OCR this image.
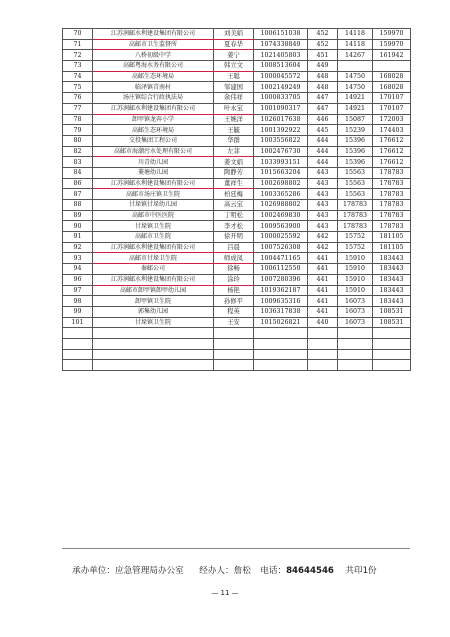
70	江苏润邮水利建设集团有限公司	刘美娟	1006151038	452	14118	159970
71	高邮市卫生监督所	夏春华	1074338849	452	14118	159970
72	八桥初级中学	姜宁	1021405803	451	14267	161942
73	高邮粤海水务有限公司	韩立文	1008513604	449		
74	高邮生态环境局	王聪	1000045572	448	14750	168028
75	临泽镇青南村	邹建国	1002149249	448	14750	168028
76	汤庄镇综合行政执法局	余伟祥	1000833705	447	14921	170107
77	江苏润邮水利建设集团有限公司	叶永宝	1001090317	447	14921	170107
78	卸甲镇龙奔小学	王婉洋	1026017638	446	15087	172003
79	高邮生态环境局	王毓	1001392922	445	15239	174403
80	交投集团工程公司	华群	1003556822	444	15396	176612
82	高邮市海潮污水处理有限公司	左菲	1002476730	444	15396	176612
83	川青幼儿园	姜文娟	1033993151	444	15396	176612
84	菱塘幼儿园	陶静芳	1015663204	443	15563	178783
86	江苏润邮水利建设集团有限公司	董祥生	1002698802	443	15563	178783
87	高邮市汤庄镇卫生院	柏廷梅	1003365286	443	15563	178783
88	甘垛镇甘垛幼儿园	高云宝	1026988802	443	178783	178783
89	高邮市中医医院	丁明松	1002469830	443	178783	178783
90	甘垛镇卫生院	李才松	1009563900	443	178783	178783
91	高邮市卫生院	徐开明	1000025592	442	15752	181105
92	江苏润邮水利建设集团有限公司	吕晨	1007526308	442	15752	181105
93	高邮市甘垛卫生院	师成凤	1004471165	441	15910	183443
94	秦邮公司	徐畅	1006112550	441	15910	183443
96	江苏润邮水利建设集团有限公司	涂玲	1007280396	441	15910	183443
97	高邮市卸甲镇卸甲幼儿园	杨艳	1019362187	441	15910	183443
98	卸甲镇卫生院	孙修平	1009635316	441	16073	183443
99	郭集幼儿园	程英	1036317838	441	16073	108531
101	甘垛镇卫生院	王安	1015026821	440	16073	108531

承办单位：应急管理局办公室 经办人：詹松 电话：84644546 共印1份
— 11 —
